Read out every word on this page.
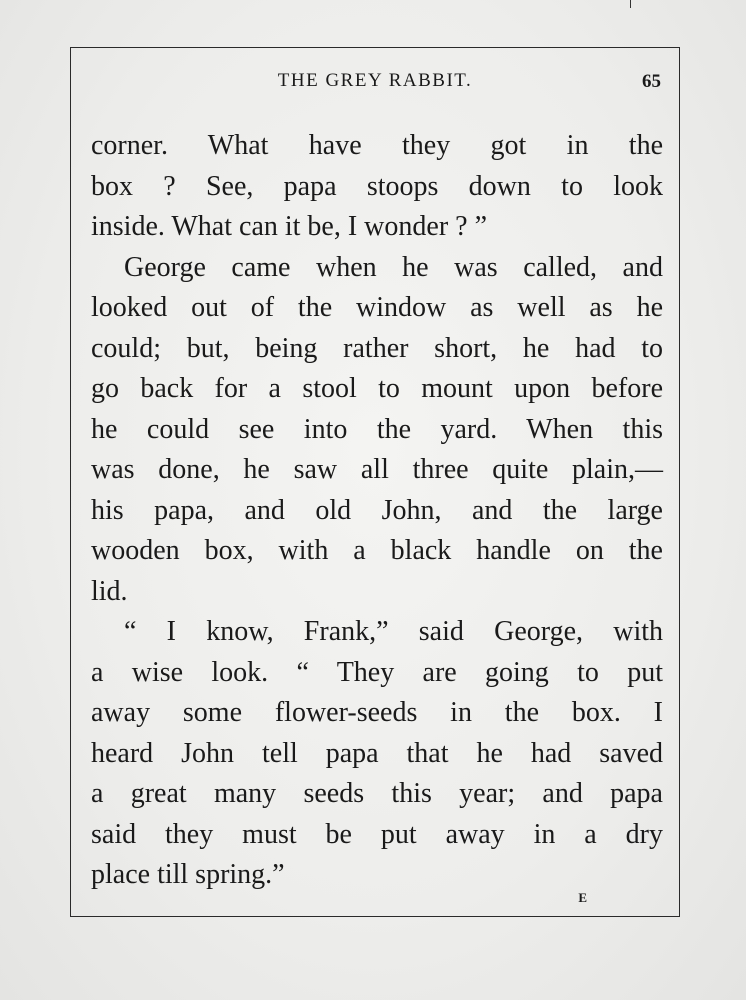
THE GREY RABBIT.	65
corner. What have they got in the
box ? See, papa stoops down to look
inside. What can it be, I wonder ? ”
George came when he was called, and
looked out of the window as well as he
could; but, being rather short, he had to
go back for a stool to mount upon before
he could see into the yard. When this
was done, he saw all three quite plain,—
his papa, and old John, and the large
wooden box, with a black handle on the
lid.
“ I know, Frank,” said George, with
a wise look. “ They are going to put
away some flower-seeds in the box. I
heard John tell papa that he had saved
a great many seeds this year; and papa
said they must be put away in a dry
place till spring.”
E
